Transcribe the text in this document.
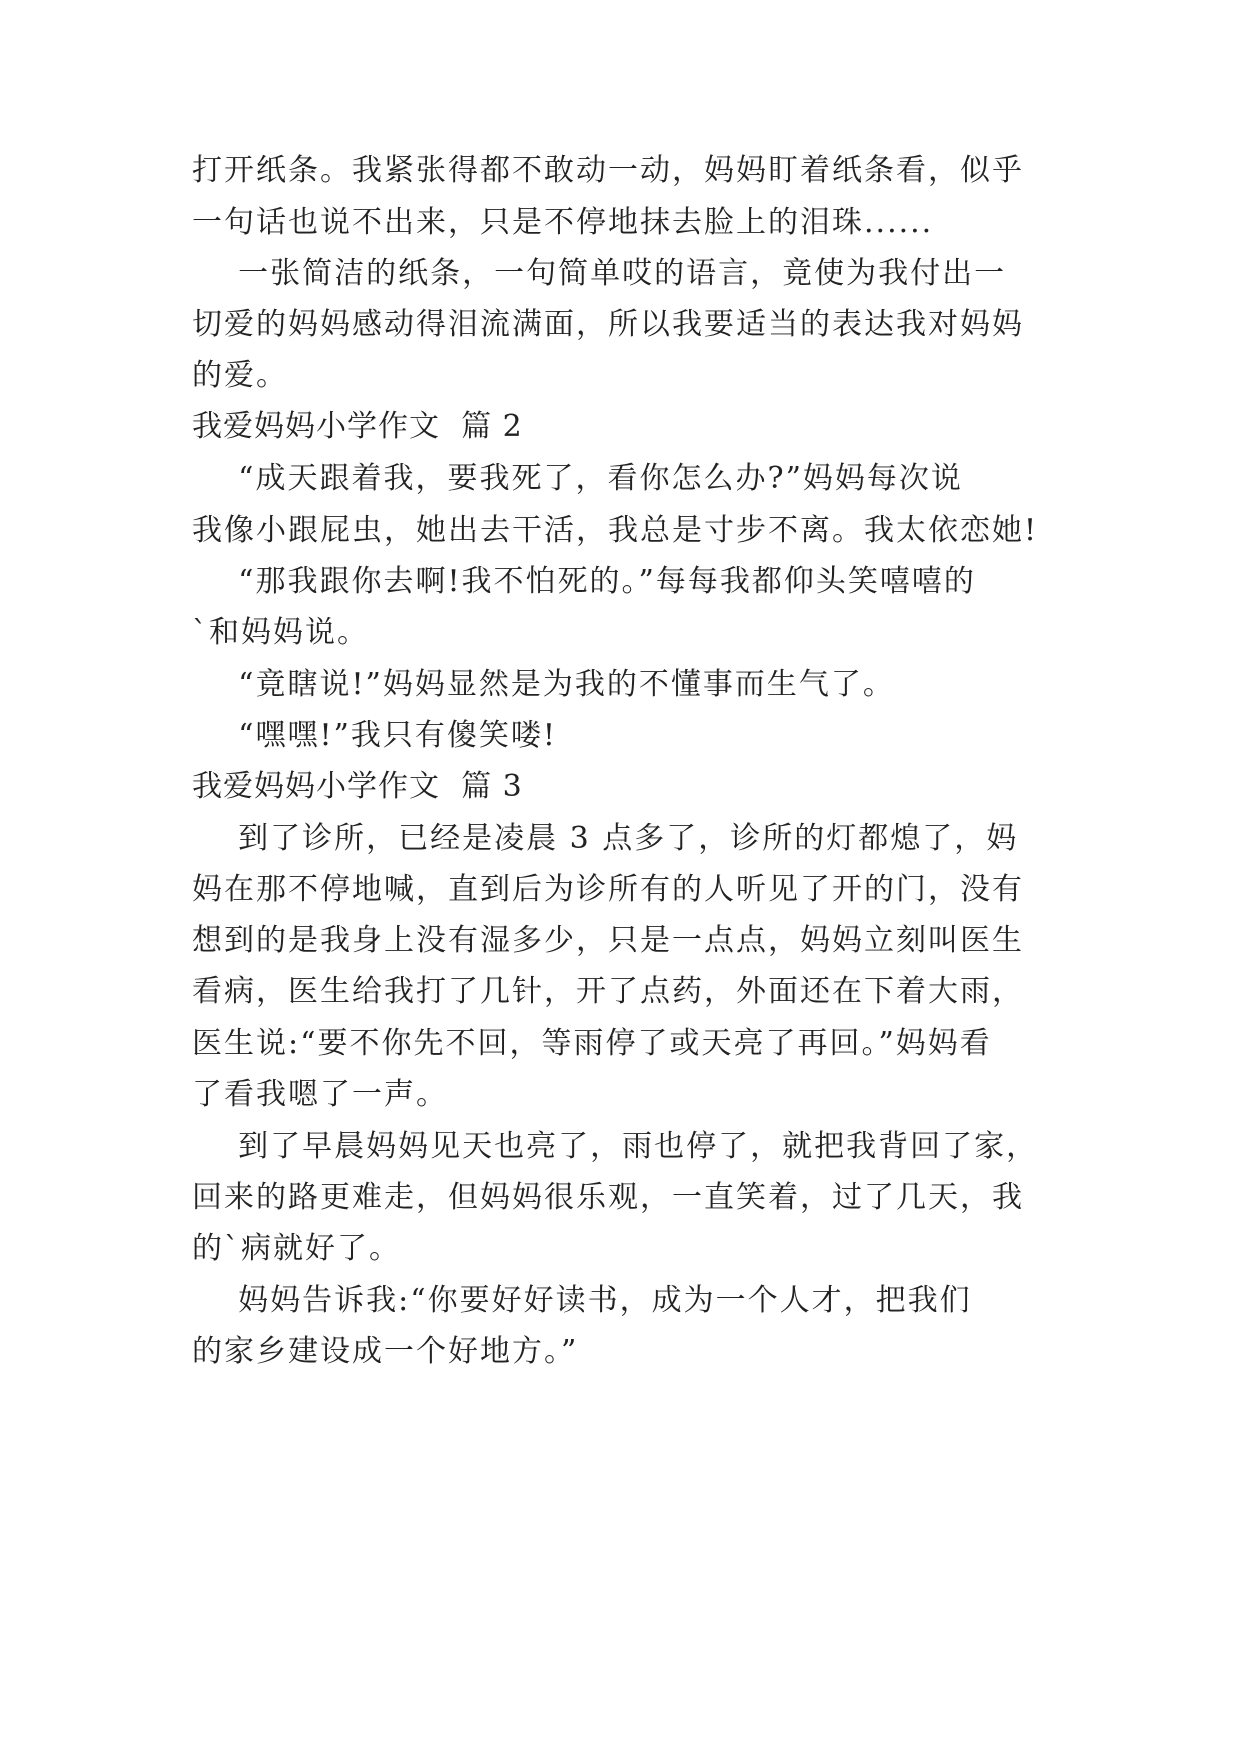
打开纸条。我紧张得都不敢动一动，妈妈盯着纸条看，似乎
一句话也说不出来，只是不停地抹去脸上的泪珠......
一张简洁的纸条，一句简单哎的语言，竟使为我付出一
切爱的妈妈感动得泪流满面，所以我要适当的表达我对妈妈
的爱。
我爱妈妈小学作文  篇 2
“成天跟着我，要我死了，看你怎么办?”妈妈每次说
我像小跟屁虫，她出去干活，我总是寸步不离。我太依恋她!
“那我跟你去啊!我不怕死的。”每每我都仰头笑嘻嘻的
`和妈妈说。
“竟瞎说!”妈妈显然是为我的不懂事而生气了。
“嘿嘿!”我只有傻笑喽!
我爱妈妈小学作文  篇 3
到了诊所，已经是凌晨 3 点多了，诊所的灯都熄了，妈
妈在那不停地喊，直到后为诊所有的人听见了开的门，没有
想到的是我身上没有湿多少，只是一点点，妈妈立刻叫医生
看病，医生给我打了几针，开了点药，外面还在下着大雨，
医生说:“要不你先不回，等雨停了或天亮了再回。”妈妈看
了看我嗯了一声。
到了早晨妈妈见天也亮了，雨也停了，就把我背回了家，
回来的路更难走，但妈妈很乐观，一直笑着，过了几天，我
的`病就好了。
妈妈告诉我:“你要好好读书，成为一个人才，把我们
的家乡建设成一个好地方。”
